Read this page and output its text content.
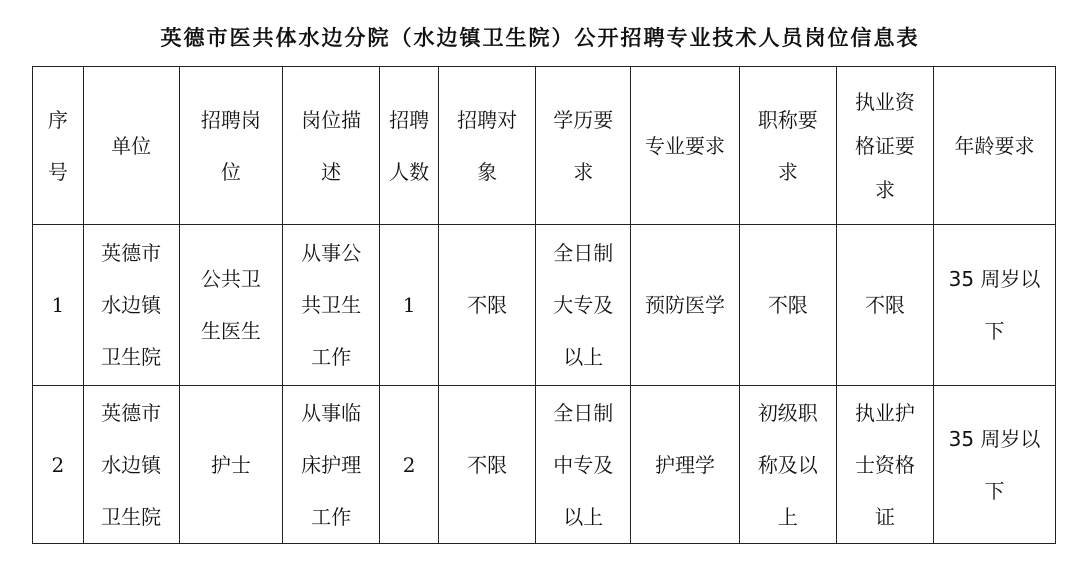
英德市医共体水边分院（水边镇卫生院）公开招聘专业技术人员岗位信息表
序
号	单位	招聘岗
位	岗位描
述	招聘
人数	招聘对
象	学历要
求	专业要求	职称要
求	执业资
格证要
求	年龄要求

1	英德市
水边镇
卫生院	公共卫
生医生	从事公
共卫生
工作	1	不限	全日制
大专及
以上	预防医学	不限	不限	35 周岁以
下

2	英德市
水边镇
卫生院	护士	从事临
床护理
工作	2	不限	全日制
中专及
以上	护理学	初级职
称及以
上	执业护
士资格
证	35 周岁以
下
